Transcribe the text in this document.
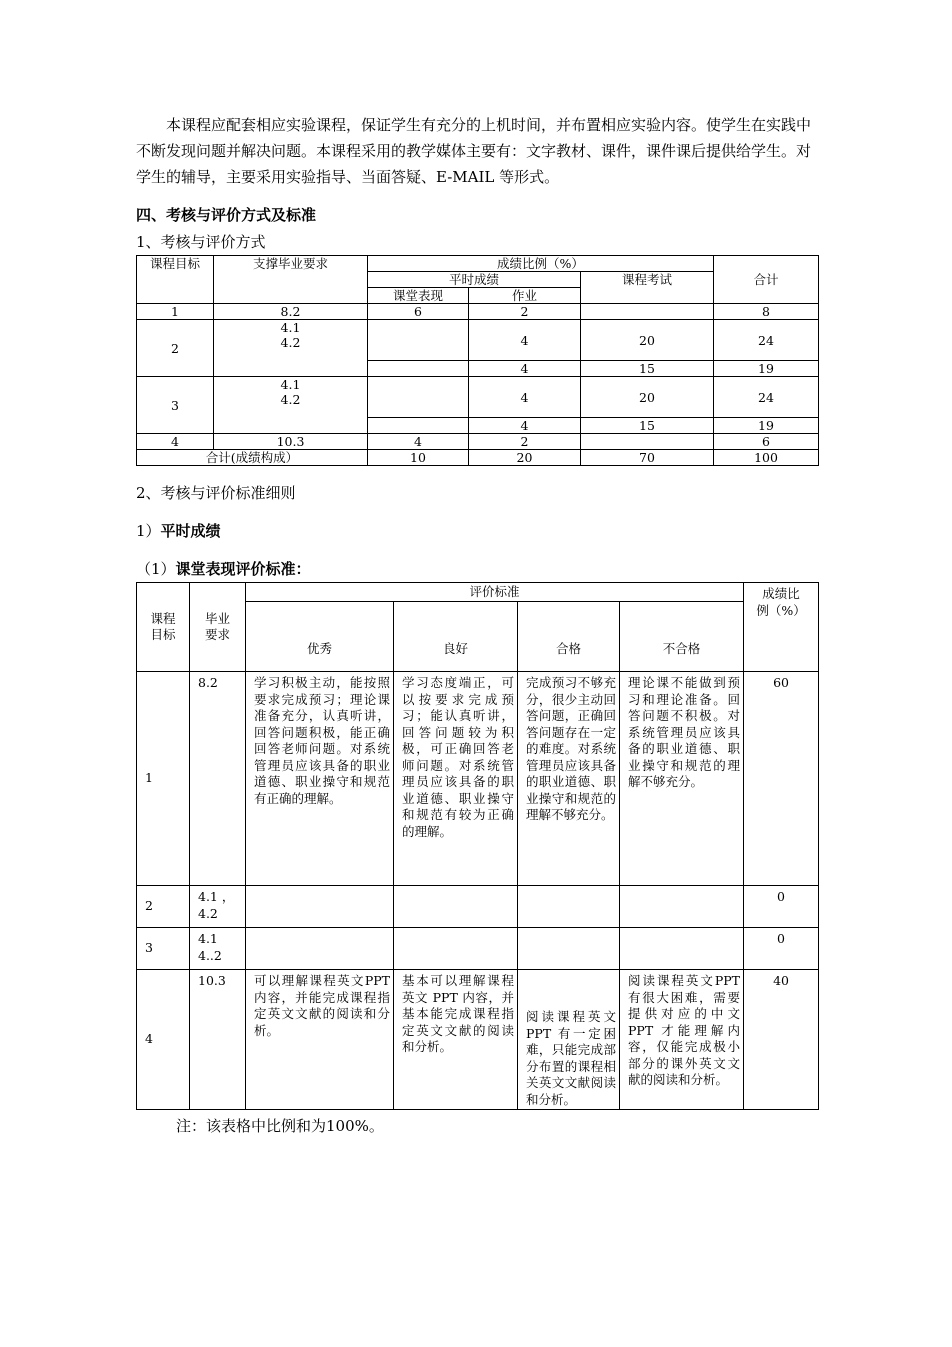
本课程应配套相应实验课程，保证学生有充分的上机时间，并布置相应实验内容。使学生在实践中不断发现问题并解决问题。本课程采用的教学媒体主要有：文字教材、课件，课件课后提供给学生。对学生的辅导，主要采用实验指导、当面答疑、E-MAIL 等形式。

四、考核与评价方式及标准
1、考核与评价方式
课程目标	支撑毕业要求	成绩比例（%）			合计
		平时成绩		课程考试	
		课堂表现	作业		
1	8.2	6	2		8
2	4.1
4.2		4	20	24
			4	15	19
3	4.1
4.2		4	20	24
			4	15	19
4	10.3	4	2		6
合计(成绩构成）		10	20	70	100
2、考核与评价标准细则
1）平时成绩
（1）课堂表现评价标准：
课程
目标	毕业
要求	评价标准				成绩比
例（%）
		优秀	良好	合格	不合格	
1	8.2	学习积极主动，能按照要求完成预习；理论课准备充分，认真听讲，回答问题积极，能正确回答老师问题。对系统管理员应该具备的职业道德、职业操守和规范有正确的理解。	学习态度端正，可以按要求完成预习；能认真听讲，回答问题较为积极，可正确回答老师问题。对系统管理员应该具备的职业道德、职业操守和规范有较为正确的理解。	完成预习不够充分，很少主动回答问题，正确回答问题存在一定的难度。对系统管理员应该具备的职业道德、职业操守和规范的理解不够充分。	理论课不能做到预习和理论准备。回答问题不积极。对系统管理员应该具备的职业道德、职业操守和规范的理解不够充分。	60
2	4.1 ，
4.2					0
3	4.1
4..2					0
4	10.3	可以理解课程英文PPT 内容，并能完成课程指定英文文献的阅读和分析。	基本可以理解课程英文 PPT 内容，并基本能完成课程指定英文文献的阅读和分析。	阅读课程英文PPT 有一定困难，只能完成部分布置的课程相关英文文献阅读和分析。	阅读课程英文PPT 有很大困难，需要提供对应的中文 PPT 才能理解内容，仅能完成极小部分的课外英文文献的阅读和分析。	40
注：该表格中比例和为100%。
